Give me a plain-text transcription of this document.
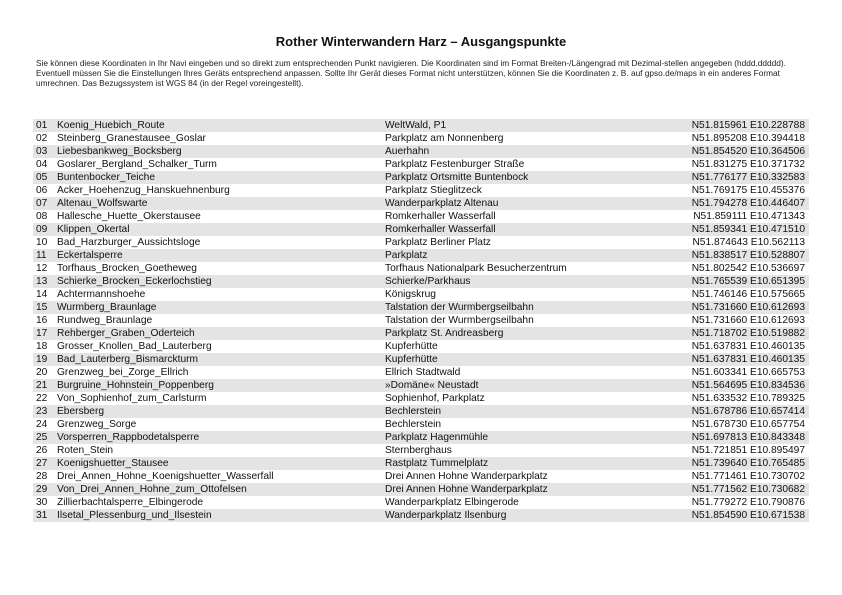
Rother Winterwandern Harz – Ausgangspunkte

Sie können diese Koordinaten in Ihr Navi eingeben und so direkt zum entsprechenden Punkt navigieren. Die Koordinaten sind im Format Breiten-/Längengrad mit Dezimal-stellen angegeben (hddd.ddddd).

Eventuell müssen Sie die Einstellungen Ihres Geräts entsprechend anpassen. Sollte Ihr Gerät dieses Format nicht unterstützen, können Sie die Koordinaten z. B. auf gpso.de/maps in ein anderes Format umrechnen. Das Bezugssystem ist WGS 84 (in der Regel voreingestellt).

01	Koenig_Huebich_Route	WeltWald, P1	N51.815961 E10.228788
02	Steinberg_Granestausee_Goslar	Parkplatz am Nonnenberg	N51.895208 E10.394418
03	Liebesbankweg_Bocksberg	Auerhahn	N51.854520 E10.364506
04	Goslarer_Bergland_Schalker_Turm	Parkplatz Festenburger Straße	N51.831275 E10.371732
05	Buntenbocker_Teiche	Parkplatz Ortsmitte Buntenbock	N51.776177 E10.332583
06	Acker_Hoehenzug_Hanskuehnenburg	Parkplatz Stieglitzeck	N51.769175 E10.455376
07	Altenau_Wolfswarte	Wanderparkplatz Altenau	N51.794278 E10.446407
08	Hallesche_Huette_Okerstausee	Romkerhaller Wasserfall	N51.859111 E10.471343
09	Klippen_Okertal	Romkerhaller Wasserfall	N51.859341 E10.471510
10	Bad_Harzburger_Aussichtsloge	Parkplatz Berliner Platz	N51.874643 E10.562113
11	Eckertalsperre	Parkplatz	N51.838517 E10.528807
12	Torfhaus_Brocken_Goetheweg	Torfhaus Nationalpark Besucherzentrum	N51.802542 E10.536697
13	Schierke_Brocken_Eckerlochstieg	Schierke/Parkhaus	N51.765539 E10.651395
14	Achtermannshoehe	Königskrug	N51.746146 E10.575665
15	Wurmberg_Braunlage	Talstation der Wurmbergseilbahn	N51.731660 E10.612693
16	Rundweg_Braunlage	Talstation der Wurmbergseilbahn	N51.731660 E10.612693
17	Rehberger_Graben_Oderteich	Parkplatz St. Andreasberg	N51.718702 E10.519882
18	Grosser_Knollen_Bad_Lauterberg	Kupferhütte	N51.637831 E10.460135
19	Bad_Lauterberg_Bismarckturm	Kupferhütte	N51.637831 E10.460135
20	Grenzweg_bei_Zorge_Ellrich	Ellrich Stadtwald	N51.603341 E10.665753
21	Burgruine_Hohnstein_Poppenberg	»Domäne« Neustadt	N51.564695 E10.834536
22	Von_Sophienhof_zum_Carlsturm	Sophienhof, Parkplatz	N51.633532 E10.789325
23	Ebersberg	Bechlerstein	N51.678786 E10.657414
24	Grenzweg_Sorge	Bechlerstein	N51.678730 E10.657754
25	Vorsperren_Rappbodetalsperre	Parkplatz Hagenmühle	N51.697813 E10.843348
26	Roten_Stein	Sternberghaus	N51.721851 E10.895497
27	Koenigshuetter_Stausee	Rastplatz Tummelplatz	N51.739640 E10.765485
28	Drei_Annen_Hohne_Koenigshuetter_Wasserfall	Drei Annen Hohne Wanderparkplatz	N51.771461 E10.730702
29	Von_Drei_Annen_Hohne_zum_Ottofelsen	Drei Annen Hohne Wanderparkplatz	N51.771562 E10.730682
30	Zillierbachtalsperre_Elbingerode	Wanderparkplatz Elbingerode	N51.779272 E10.790876
31	Ilsetal_Plessenburg_und_Ilsestein	Wanderparkplatz Ilsenburg	N51.854590 E10.671538
